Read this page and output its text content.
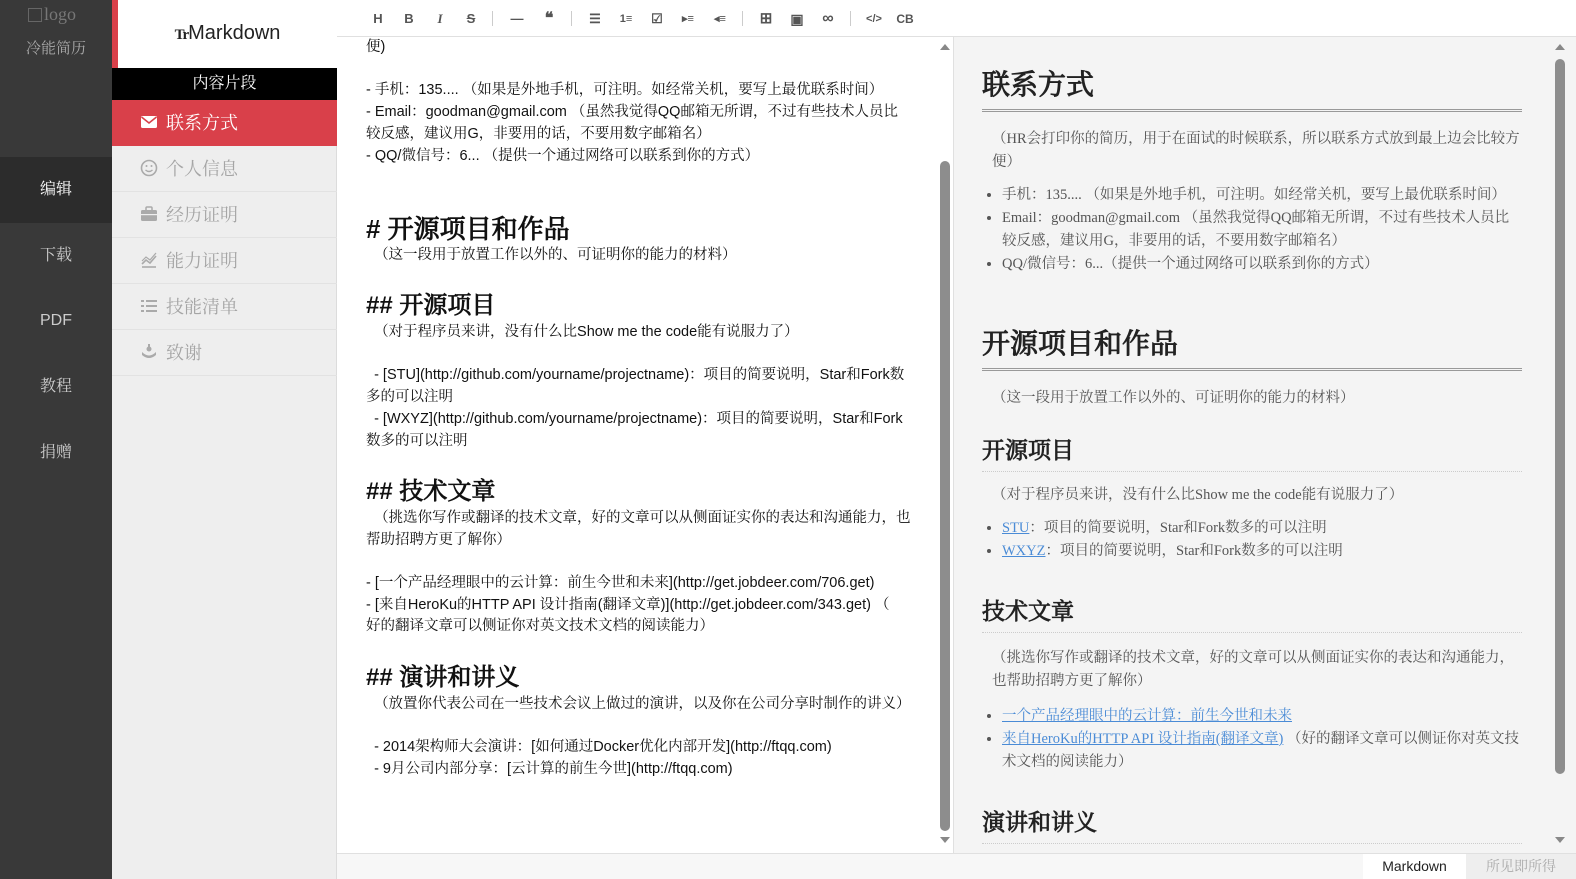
logo
冷能简历
编辑
下载
PDF
教程
捐赠
TrMarkdown
内容片段
联系方式
个人信息
经历证明
能力证明
技能清单
致谢
H	B	I	S	—	❝	☰	1≡	☑	▸≡	◂≡	⊞	▣	∞	</>	CB
便)

- 手机：135.... （如果是外地手机，可注明。如经常关机，要写上最优联系时间）
- Email：goodman@gmail.com （虽然我觉得QQ邮箱无所谓，不过有些技术人员比
较反感，建议用G，非要用的话，不要用数字邮箱名）
- QQ/微信号：6... （提供一个通过网络可以联系到你的方式）

# 开源项目和作品
（这一段用于放置工作以外的、可证明你的能力的材料）

## 开源项目
（对于程序员来讲，没有什么比Show me the code能有说服力了）

- [STU](http://github.com/yourname/projectname)：项目的简要说明，Star和Fork数
多的可以注明
- [WXYZ](http://github.com/yourname/projectname)：项目的简要说明，Star和Fork
数多的可以注明

## 技术文章
（挑选你写作或翻译的技术文章，好的文章可以从侧面证实你的表达和沟通能力，也
帮助招聘方更了解你）

- [一个产品经理眼中的云计算：前生今世和未来](http://get.jobdeer.com/706.get)
- [来自HeroKu的HTTP API 设计指南(翻译文章)](http://get.jobdeer.com/343.get) （
好的翻译文章可以侧证你对英文技术文档的阅读能力）

## 演讲和讲义
（放置你代表公司在一些技术会议上做过的演讲，以及你在公司分享时制作的讲义）

- 2014架构师大会演讲：[如何通过Docker优化内部开发](http://ftqq.com)
- 9月公司内部分享：[云计算的前生今世](http://ftqq.com)
联系方式

（HR会打印你的简历，用于在面试的时候联系，所以联系方式放到最上边会比较方便）

• 手机：135.... （如果是外地手机，可注明。如经常关机，要写上最优联系时间）
• Email：goodman@gmail.com （虽然我觉得QQ邮箱无所谓，不过有些技术人员比较反感，建议用G，非要用的话，不要用数字邮箱名）
• QQ/微信号：6...（提供一个通过网络可以联系到你的方式）
开源项目和作品

（这一段用于放置工作以外的、可证明你的能力的材料）

开源项目

（对于程序员来讲，没有什么比Show me the code能有说服力了）

• STU：项目的简要说明，Star和Fork数多的可以注明
• WXYZ：项目的简要说明，Star和Fork数多的可以注明
技术文章

（挑选你写作或翻译的技术文章，好的文章可以从侧面证实你的表达和沟通能力，也帮助招聘方更了解你）

• 一个产品经理眼中的云计算：前生今世和未来
• 来自HeroKu的HTTP API 设计指南(翻译文章) （好的翻译文章可以侧证你对英文技术文档的阅读能力）
演讲和讲义
Markdown	所见即所得
